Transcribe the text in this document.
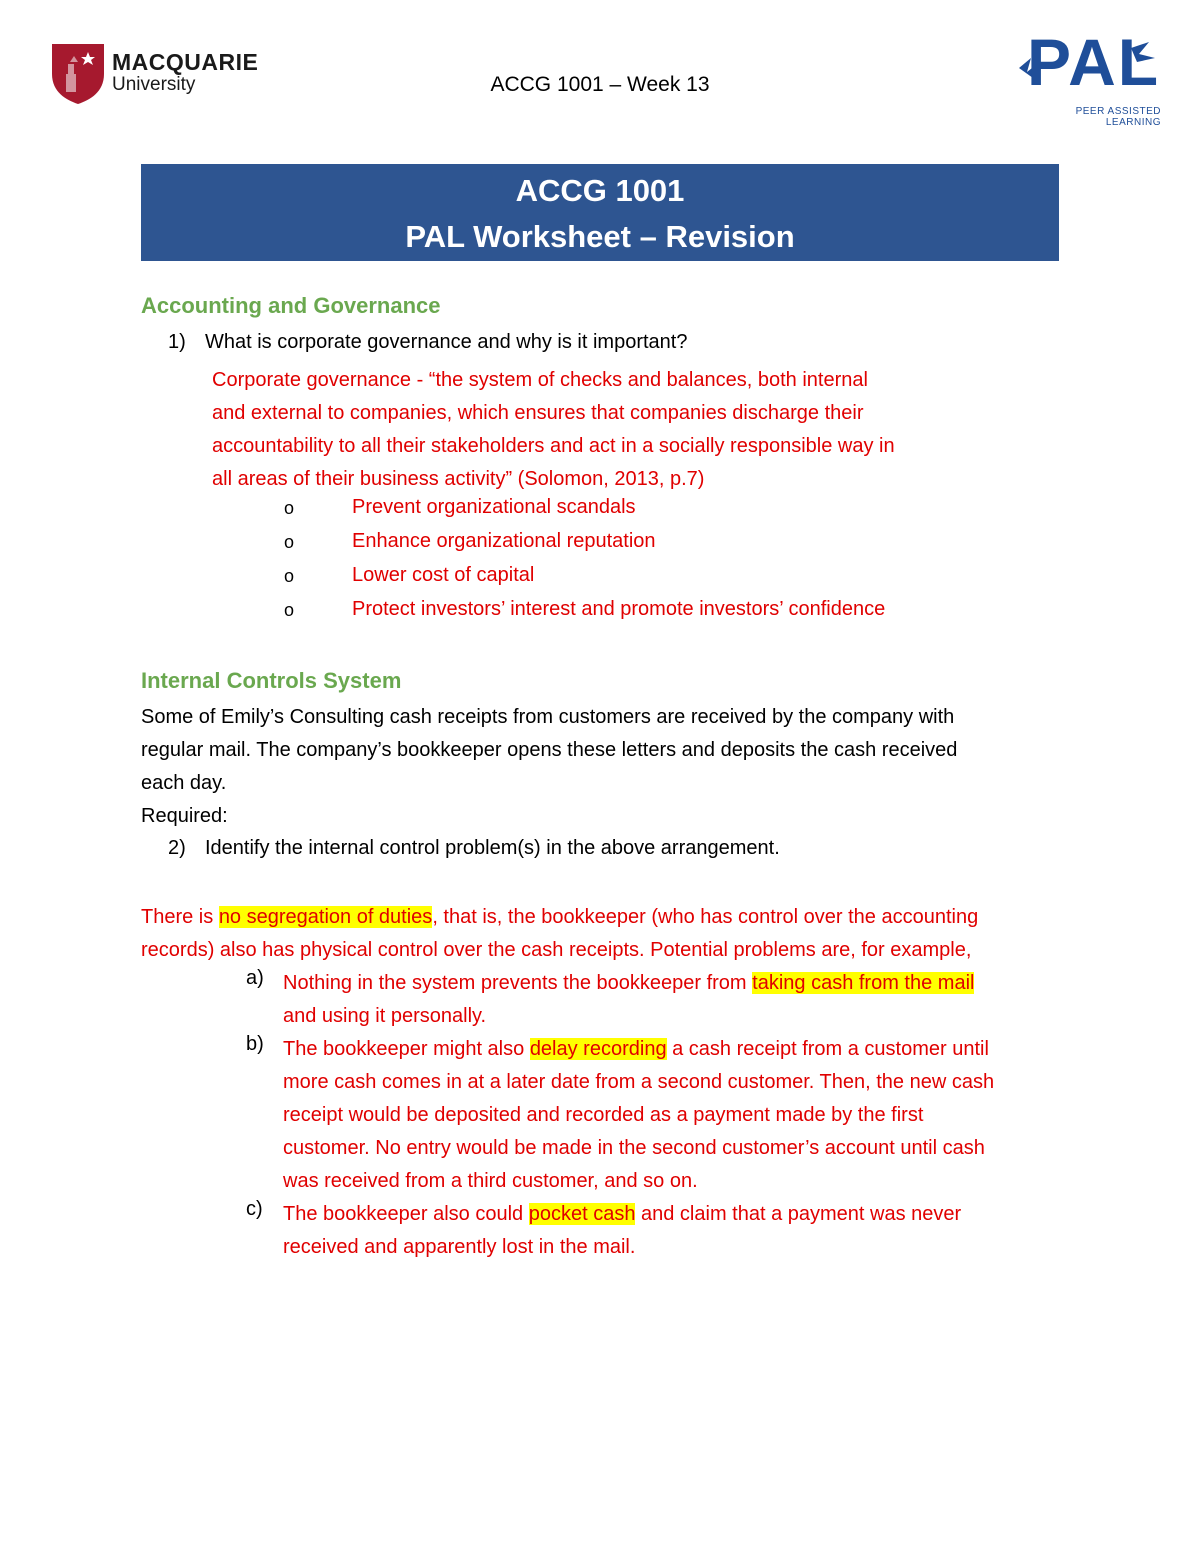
MACQUARIE
University	ACCG 1001 – Week 13	PAL
PEER ASSISTED LEARNING
ACCG 1001
PAL Worksheet – Revision
Accounting and Governance
1) What is corporate governance and why is it important?
Corporate governance - “the system of checks and balances, both internal
and external to companies, which ensures that companies discharge their
accountability to all their stakeholders and act in a socially responsible way in
all areas of their business activity” (Solomon, 2013, p.7)
o	Prevent organizational scandals
o	Enhance organizational reputation
o	Lower cost of capital
o	Protect investors’ interest and promote investors’ confidence
Internal Controls System
Some of Emily’s Consulting cash receipts from customers are received by the company with
regular mail. The company’s bookkeeper opens these letters and deposits the cash received
each day.
Required:
2) Identify the internal control problem(s) in the above arrangement.
There is no segregation of duties, that is, the bookkeeper (who has control over the accounting
records) also has physical control over the cash receipts. Potential problems are, for example,
a) Nothing in the system prevents the bookkeeper from taking cash from the mail
and using it personally.
b) The bookkeeper might also delay recording a cash receipt from a customer until
more cash comes in at a later date from a second customer. Then, the new cash
receipt would be deposited and recorded as a payment made by the first
customer. No entry would be made in the second customer’s account until cash
was received from a third customer, and so on.
c) The bookkeeper also could pocket cash and claim that a payment was never
received and apparently lost in the mail.
